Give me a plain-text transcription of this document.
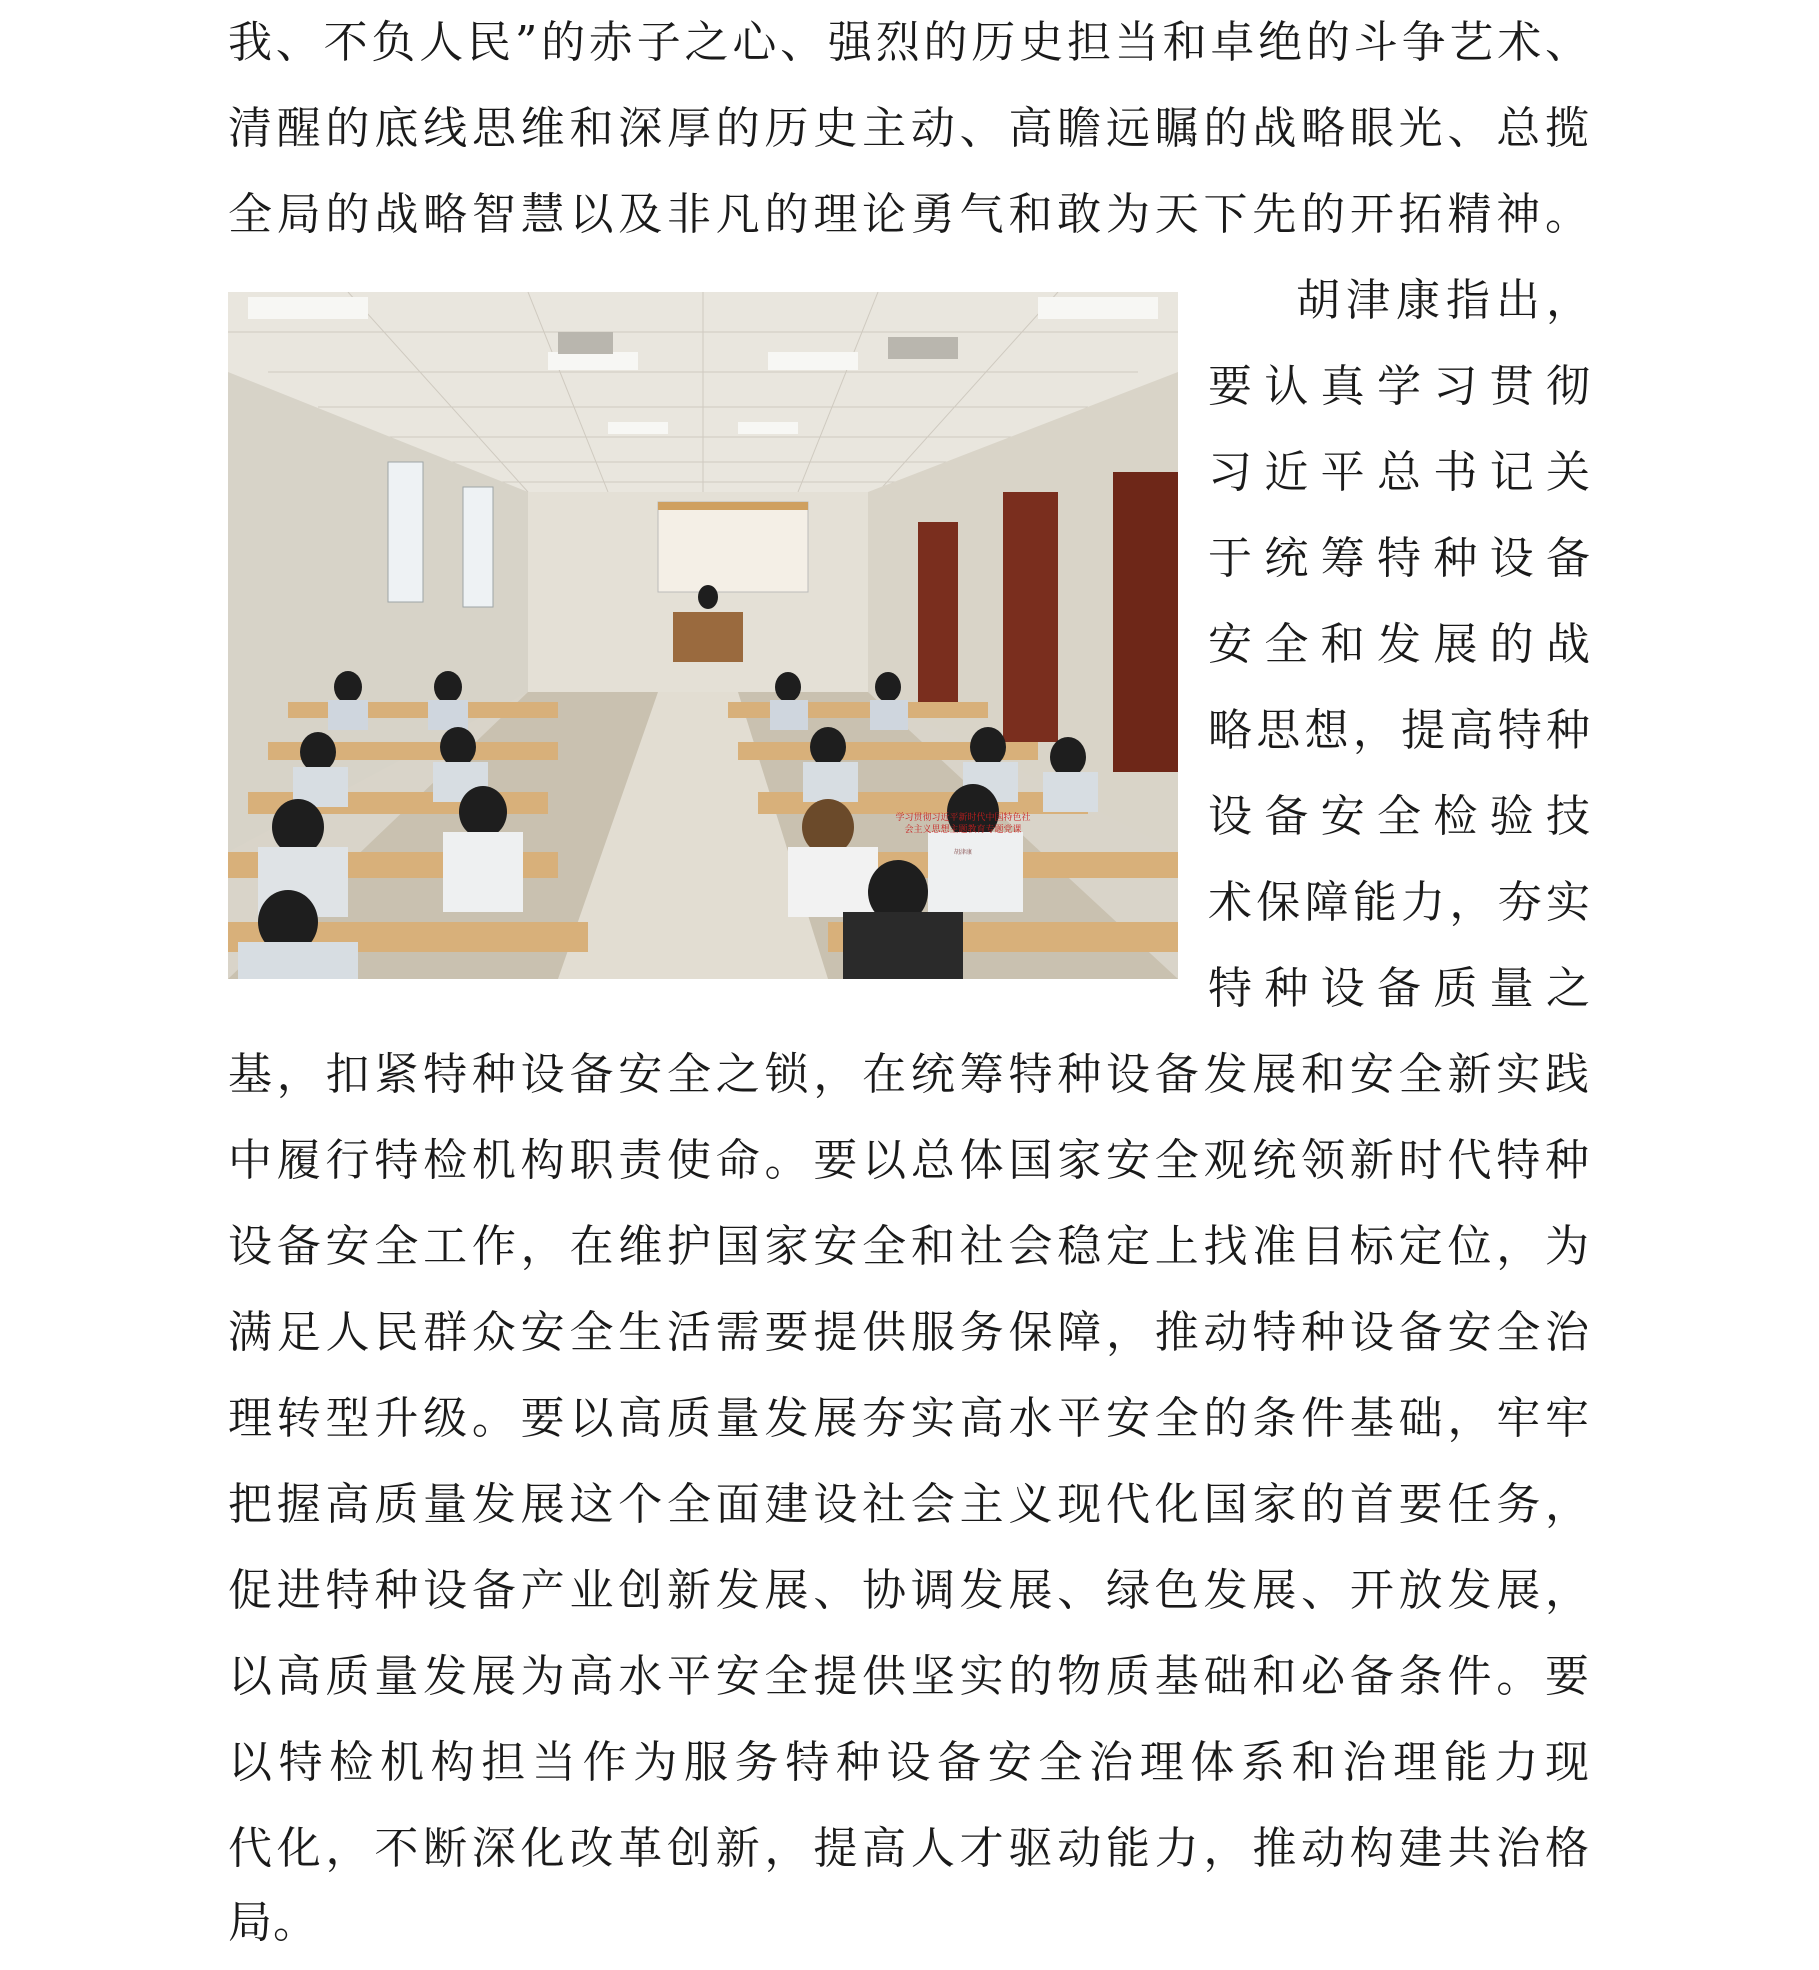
我、不负人民”的赤子之心、强烈的历史担当和卓绝的斗争艺术、
清醒的底线思维和深厚的历史主动、高瞻远瞩的战略眼光、总揽
全局的战略智慧以及非凡的理论勇气和敢为天下先的开拓精神。
学习贯彻习近平新时代中国特色社会主义思想主题教育专题党课
胡津康
胡津康指出，
要认真学习贯彻
习近平总书记关
于统筹特种设备
安全和发展的战
略思想，提高特种
设备安全检验技
术保障能力，夯实
特种设备质量之
基，扣紧特种设备安全之锁，在统筹特种设备发展和安全新实践
中履行特检机构职责使命。要以总体国家安全观统领新时代特种
设备安全工作，在维护国家安全和社会稳定上找准目标定位，为
满足人民群众安全生活需要提供服务保障，推动特种设备安全治
理转型升级。要以高质量发展夯实高水平安全的条件基础，牢牢
把握高质量发展这个全面建设社会主义现代化国家的首要任务，
促进特种设备产业创新发展、协调发展、绿色发展、开放发展，
以高质量发展为高水平安全提供坚实的物质基础和必备条件。要
以特检机构担当作为服务特种设备安全治理体系和治理能力现
代化，不断深化改革创新，提高人才驱动能力，推动构建共治格
局。
